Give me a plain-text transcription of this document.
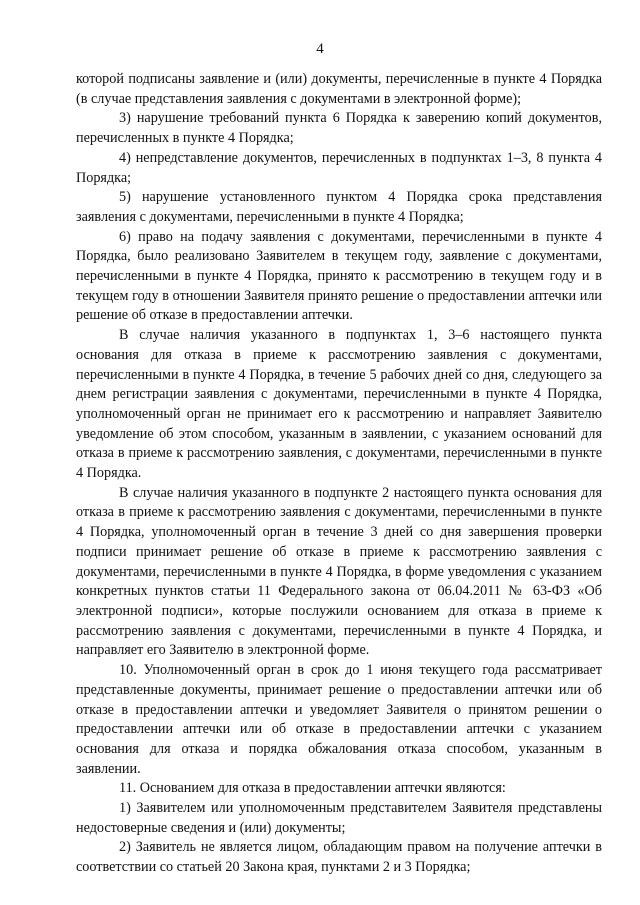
4

которой подписаны заявление и (или) документы, перечисленные в пункте 4 Порядка (в случае представления заявления с документами в электронной форме);

3) нарушение требований пункта 6 Порядка к заверению копий документов, перечисленных в пункте 4 Порядка;

4) непредставление документов, перечисленных в подпунктах 1–3, 8 пункта 4 Порядка;

5) нарушение установленного пунктом 4 Порядка срока представления заявления с документами, перечисленными в пункте 4 Порядка;

6) право на подачу заявления с документами, перечисленными в пункте 4 Порядка, было реализовано Заявителем в текущем году, заявление с документами, перечисленными в пункте 4 Порядка, принято к рассмотрению в текущем году и в текущем году в отношении Заявителя принято решение о предоставлении аптечки или решение об отказе в предоставлении аптечки.

В случае наличия указанного в подпунктах 1, 3–6 настоящего пункта основания для отказа в приеме к рассмотрению заявления с документами, перечисленными в пункте 4 Порядка, в течение 5 рабочих дней со дня, следующего за днем регистрации заявления с документами, перечисленными в пункте 4 Порядка, уполномоченный орган не принимает его к рассмотрению и направляет Заявителю уведомление об этом способом, указанным в заявлении, с указанием оснований для отказа в приеме к рассмотрению заявления, с документами, перечисленными в пункте 4 Порядка.

В случае наличия указанного в подпункте 2 настоящего пункта основания для отказа в приеме к рассмотрению заявления с документами, перечисленными в пункте 4 Порядка, уполномоченный орган в течение 3 дней со дня завершения проверки подписи принимает решение об отказе в приеме к рассмотрению заявления с документами, перечисленными в пункте 4 Порядка, в форме уведомления с указанием конкретных пунктов статьи 11 Федерального закона от 06.04.2011 № 63-ФЗ «Об электронной подписи», которые послужили основанием для отказа в приеме к рассмотрению заявления с документами, перечисленными в пункте 4 Порядка, и направляет его Заявителю в электронной форме.

10. Уполномоченный орган в срок до 1 июня текущего года рассматривает представленные документы, принимает решение о предоставлении аптечки или об отказе в предоставлении аптечки и уведомляет Заявителя о принятом решении о предоставлении аптечки или об отказе в предоставлении аптечки с указанием основания для отказа и порядка обжалования отказа способом, указанным в заявлении.

11. Основанием для отказа в предоставлении аптечки являются:

1) Заявителем или уполномоченным представителем Заявителя представлены недостоверные сведения и (или) документы;

2) Заявитель не является лицом, обладающим правом на получение аптечки в соответствии со статьей 20 Закона края, пунктами 2 и 3 Порядка;
